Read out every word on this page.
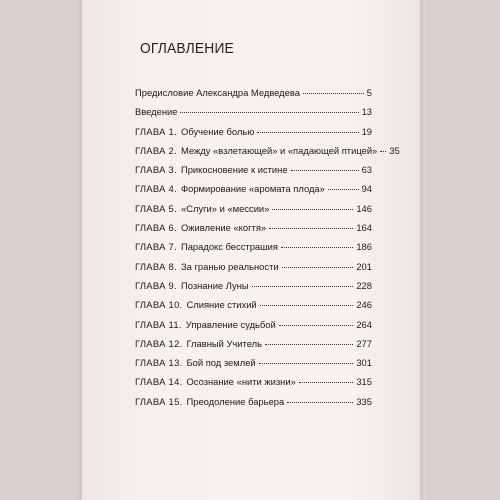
ОГЛАВЛЕНИЕ
Предисловие Александра Медведева	5
Введение	13
ГЛАВА 1. Обучение болью	19
ГЛАВА 2. Между «взлетающей» и «падающей птицей» 35
ГЛАВА 3. Прикосновение к истине	63
ГЛАВА 4. Формирование «аромата плода»	94
ГЛАВА 5. «Слуги» и «мессии»	146
ГЛАВА 6. Оживление «когтя»	164
ГЛАВА 7. Парадокс бесстрашия	186
ГЛАВА 8. За гранью реальности	201
ГЛАВА 9. Познание Луны	228
ГЛАВА 10. Слияние стихий	246
ГЛАВА 11. Управление судьбой	264
ГЛАВА 12. Главный Учитель	277
ГЛАВА 13. Бой под землей	301
ГЛАВА 14. Осознание «нити жизни»	315
ГЛАВА 15. Преодоление барьера	335
